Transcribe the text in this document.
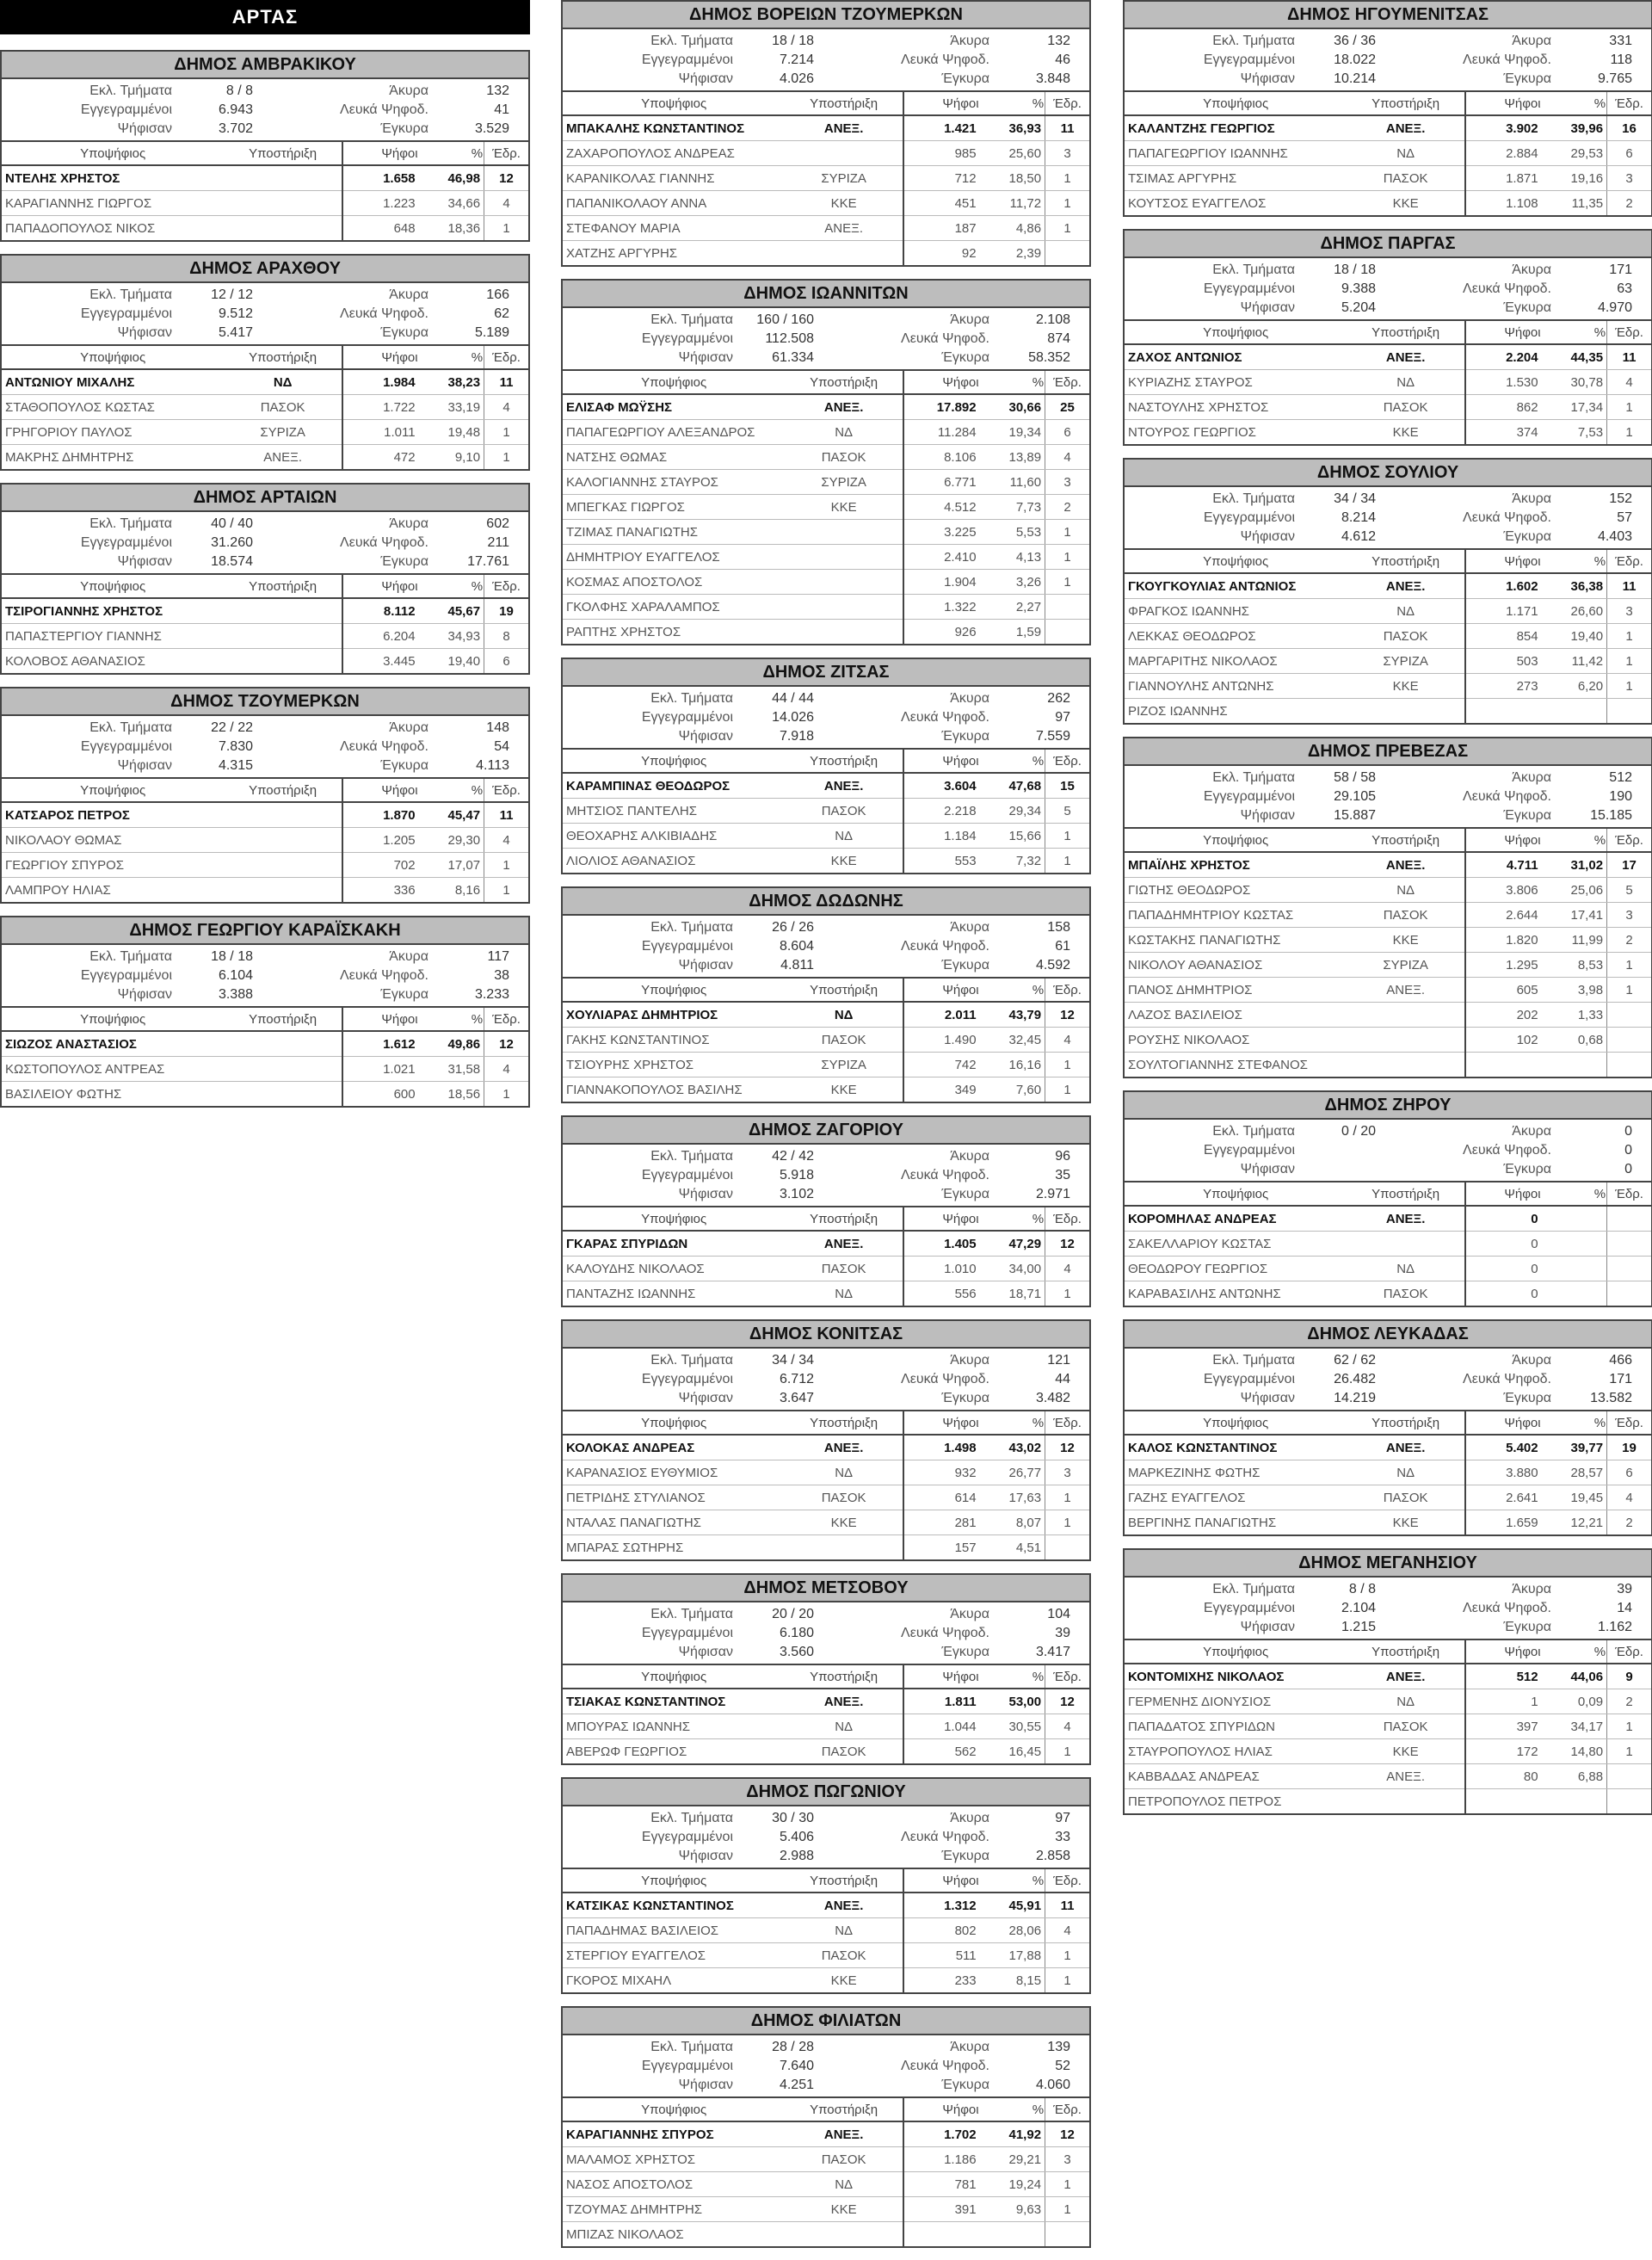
ΑΡΤΑΣ
ΔΗΜΟΣ ΑΜΒΡΑΚΙΚΟΥ
Εκλ. Τμήματα	8 / 8
Εγγεγραμμένοι	6.943
Ψήφισαν	3.702
Άκυρα	132
Λευκά Ψηφοδ.	41
Έγκυρα	3.529
Υποψήφιος	Υποστήριξη	Ψήφοι	%	Έδρ.
ΝΤΕΛΗΣ ΧΡΗΣΤΟΣ		1.658	46,98	12
ΚΑΡΑΓΙΑΝΝΗΣ ΓΙΩΡΓΟΣ		1.223	34,66	4
ΠΑΠΑΔΟΠΟΥΛΟΣ ΝΙΚΟΣ		648	18,36	1
ΔΗΜΟΣ ΑΡΑΧΘΟΥ
Εκλ. Τμήματα	12 / 12
Εγγεγραμμένοι	9.512
Ψήφισαν	5.417
Άκυρα	166
Λευκά Ψηφοδ.	62
Έγκυρα	5.189
Υποψήφιος	Υποστήριξη	Ψήφοι	%	Έδρ.
ΑΝΤΩΝΙΟΥ ΜΙΧΑΛΗΣ	ΝΔ	1.984	38,23	11
ΣΤΑΘΟΠΟΥΛΟΣ ΚΩΣΤΑΣ	ΠΑΣΟΚ	1.722	33,19	4
ΓΡΗΓΟΡΙΟΥ ΠΑΥΛΟΣ	ΣΥΡΙΖΑ	1.011	19,48	1
ΜΑΚΡΗΣ ΔΗΜΗΤΡΗΣ	ΑΝΕΞ.	472	9,10	1
ΔΗΜΟΣ ΑΡΤΑΙΩΝ
Εκλ. Τμήματα	40 / 40
Εγγεγραμμένοι	31.260
Ψήφισαν	18.574
Άκυρα	602
Λευκά Ψηφοδ.	211
Έγκυρα	17.761
Υποψήφιος	Υποστήριξη	Ψήφοι	%	Έδρ.
ΤΣΙΡΟΓΙΑΝΝΗΣ ΧΡΗΣΤΟΣ		8.112	45,67	19
ΠΑΠΑΣΤΕΡΓΙΟΥ ΓΙΑΝΝΗΣ		6.204	34,93	8
ΚΟΛΟΒΟΣ ΑΘΑΝΑΣΙΟΣ		3.445	19,40	6
ΔΗΜΟΣ ΤΖΟΥΜΕΡΚΩΝ
Εκλ. Τμήματα	22 / 22
Εγγεγραμμένοι	7.830
Ψήφισαν	4.315
Άκυρα	148
Λευκά Ψηφοδ.	54
Έγκυρα	4.113
Υποψήφιος	Υποστήριξη	Ψήφοι	%	Έδρ.
ΚΑΤΣΑΡΟΣ ΠΕΤΡΟΣ		1.870	45,47	11
ΝΙΚΟΛΑΟΥ ΘΩΜΑΣ		1.205	29,30	4
ΓΕΩΡΓΙΟΥ ΣΠΥΡΟΣ		702	17,07	1
ΛΑΜΠΡΟΥ ΗΛΙΑΣ		336	8,16	1
ΔΗΜΟΣ ΓΕΩΡΓΙΟΥ ΚΑΡΑΪΣΚΑΚΗ
Εκλ. Τμήματα	18 / 18
Εγγεγραμμένοι	6.104
Ψήφισαν	3.388
Άκυρα	117
Λευκά Ψηφοδ.	38
Έγκυρα	3.233
Υποψήφιος	Υποστήριξη	Ψήφοι	%	Έδρ.
ΣΙΩΖΟΣ ΑΝΑΣΤΑΣΙΟΣ		1.612	49,86	12
ΚΩΣΤΟΠΟΥΛΟΣ ΑΝΤΡΕΑΣ		1.021	31,58	4
ΒΑΣΙΛΕΙΟΥ ΦΩΤΗΣ		600	18,56	1
ΔΗΜΟΣ ΒΟΡΕΙΩΝ ΤΖΟΥΜΕΡΚΩΝ
Εκλ. Τμήματα	18 / 18
Εγγεγραμμένοι	7.214
Ψήφισαν	4.026
Άκυρα	132
Λευκά Ψηφοδ.	46
Έγκυρα	3.848
Υποψήφιος	Υποστήριξη	Ψήφοι	%	Έδρ.
ΜΠΑΚΑΛΗΣ ΚΩΝΣΤΑΝΤΙΝΟΣ	ΑΝΕΞ.	1.421	36,93	11
ΖΑΧΑΡΟΠΟΥΛΟΣ ΑΝΔΡΕΑΣ		985	25,60	3
ΚΑΡΑΝΙΚΟΛΑΣ ΓΙΑΝΝΗΣ	ΣΥΡΙΖΑ	712	18,50	1
ΠΑΠΑΝΙΚΟΛΑΟΥ ΑΝΝΑ	ΚΚΕ	451	11,72	1
ΣΤΕΦΑΝΟΥ ΜΑΡΙΑ	ΑΝΕΞ.	187	4,86	1
ΧΑΤΖΗΣ ΑΡΓΥΡΗΣ		92	2,39	
ΔΗΜΟΣ ΙΩΑΝΝΙΤΩΝ
Εκλ. Τμήματα	160 / 160
Εγγεγραμμένοι	112.508
Ψήφισαν	61.334
Άκυρα	2.108
Λευκά Ψηφοδ.	874
Έγκυρα	58.352
Υποψήφιος	Υποστήριξη	Ψήφοι	%	Έδρ.
ΕΛΙΣΑΦ ΜΩΫΣΗΣ	ΑΝΕΞ.	17.892	30,66	25
ΠΑΠΑΓΕΩΡΓΙΟΥ ΑΛΕΞΑΝΔΡΟΣ	ΝΔ	11.284	19,34	6
ΝΑΤΣΗΣ ΘΩΜΑΣ	ΠΑΣΟΚ	8.106	13,89	4
ΚΑΛΟΓΙΑΝΝΗΣ ΣΤΑΥΡΟΣ	ΣΥΡΙΖΑ	6.771	11,60	3
ΜΠΕΓΚΑΣ ΓΙΩΡΓΟΣ	ΚΚΕ	4.512	7,73	2
ΤΖΙΜΑΣ ΠΑΝΑΓΙΩΤΗΣ		3.225	5,53	1
ΔΗΜΗΤΡΙΟΥ ΕΥΑΓΓΕΛΟΣ		2.410	4,13	1
ΚΟΣΜΑΣ ΑΠΟΣΤΟΛΟΣ		1.904	3,26	1
ΓΚΟΛΦΗΣ ΧΑΡΑΛΑΜΠΟΣ		1.322	2,27	
ΡΑΠΤΗΣ ΧΡΗΣΤΟΣ		926	1,59	
ΔΗΜΟΣ ΖΙΤΣΑΣ
Εκλ. Τμήματα	44 / 44
Εγγεγραμμένοι	14.026
Ψήφισαν	7.918
Άκυρα	262
Λευκά Ψηφοδ.	97
Έγκυρα	7.559
Υποψήφιος	Υποστήριξη	Ψήφοι	%	Έδρ.
ΚΑΡΑΜΠΙΝΑΣ ΘΕΟΔΩΡΟΣ	ΑΝΕΞ.	3.604	47,68	15
ΜΗΤΣΙΟΣ ΠΑΝΤΕΛΗΣ	ΠΑΣΟΚ	2.218	29,34	5
ΘΕΟΧΑΡΗΣ ΑΛΚΙΒΙΑΔΗΣ	ΝΔ	1.184	15,66	1
ΛΙΟΛΙΟΣ ΑΘΑΝΑΣΙΟΣ	ΚΚΕ	553	7,32	1
ΔΗΜΟΣ ΔΩΔΩΝΗΣ
Εκλ. Τμήματα	26 / 26
Εγγεγραμμένοι	8.604
Ψήφισαν	4.811
Άκυρα	158
Λευκά Ψηφοδ.	61
Έγκυρα	4.592
Υποψήφιος	Υποστήριξη	Ψήφοι	%	Έδρ.
ΧΟΥΛΙΑΡΑΣ ΔΗΜΗΤΡΙΟΣ	ΝΔ	2.011	43,79	12
ΓΑΚΗΣ ΚΩΝΣΤΑΝΤΙΝΟΣ	ΠΑΣΟΚ	1.490	32,45	4
ΤΣΙΟΥΡΗΣ ΧΡΗΣΤΟΣ	ΣΥΡΙΖΑ	742	16,16	1
ΓΙΑΝΝΑΚΟΠΟΥΛΟΣ ΒΑΣΙΛΗΣ	ΚΚΕ	349	7,60	1
ΔΗΜΟΣ ΖΑΓΟΡΙΟΥ
Εκλ. Τμήματα	42 / 42
Εγγεγραμμένοι	5.918
Ψήφισαν	3.102
Άκυρα	96
Λευκά Ψηφοδ.	35
Έγκυρα	2.971
Υποψήφιος	Υποστήριξη	Ψήφοι	%	Έδρ.
ΓΚΑΡΑΣ ΣΠΥΡΙΔΩΝ	ΑΝΕΞ.	1.405	47,29	12
ΚΑΛΟΥΔΗΣ ΝΙΚΟΛΑΟΣ	ΠΑΣΟΚ	1.010	34,00	4
ΠΑΝΤΑΖΗΣ ΙΩΑΝΝΗΣ	ΝΔ	556	18,71	1
ΔΗΜΟΣ ΚΟΝΙΤΣΑΣ
Εκλ. Τμήματα	34 / 34
Εγγεγραμμένοι	6.712
Ψήφισαν	3.647
Άκυρα	121
Λευκά Ψηφοδ.	44
Έγκυρα	3.482
Υποψήφιος	Υποστήριξη	Ψήφοι	%	Έδρ.
ΚΟΛΟΚΑΣ ΑΝΔΡΕΑΣ	ΑΝΕΞ.	1.498	43,02	12
ΚΑΡΑΝΑΣΙΟΣ ΕΥΘΥΜΙΟΣ	ΝΔ	932	26,77	3
ΠΕΤΡΙΔΗΣ ΣΤΥΛΙΑΝΟΣ	ΠΑΣΟΚ	614	17,63	1
ΝΤΑΛΑΣ ΠΑΝΑΓΙΩΤΗΣ	ΚΚΕ	281	8,07	1
ΜΠΑΡΑΣ ΣΩΤΗΡΗΣ		157	4,51	
ΔΗΜΟΣ ΜΕΤΣΟΒΟΥ
Εκλ. Τμήματα	20 / 20
Εγγεγραμμένοι	6.180
Ψήφισαν	3.560
Άκυρα	104
Λευκά Ψηφοδ.	39
Έγκυρα	3.417
Υποψήφιος	Υποστήριξη	Ψήφοι	%	Έδρ.
ΤΣΙΑΚΑΣ ΚΩΝΣΤΑΝΤΙΝΟΣ	ΑΝΕΞ.	1.811	53,00	12
ΜΠΟΥΡΑΣ ΙΩΑΝΝΗΣ	ΝΔ	1.044	30,55	4
ΑΒΕΡΩΦ ΓΕΩΡΓΙΟΣ	ΠΑΣΟΚ	562	16,45	1
ΔΗΜΟΣ ΠΩΓΩΝΙΟΥ
Εκλ. Τμήματα	30 / 30
Εγγεγραμμένοι	5.406
Ψήφισαν	2.988
Άκυρα	97
Λευκά Ψηφοδ.	33
Έγκυρα	2.858
Υποψήφιος	Υποστήριξη	Ψήφοι	%	Έδρ.
ΚΑΤΣΙΚΑΣ ΚΩΝΣΤΑΝΤΙΝΟΣ	ΑΝΕΞ.	1.312	45,91	11
ΠΑΠΑΔΗΜΑΣ ΒΑΣΙΛΕΙΟΣ	ΝΔ	802	28,06	4
ΣΤΕΡΓΙΟΥ ΕΥΑΓΓΕΛΟΣ	ΠΑΣΟΚ	511	17,88	1
ΓΚΟΡΟΣ ΜΙΧΑΗΛ	ΚΚΕ	233	8,15	1
ΔΗΜΟΣ ΦΙΛΙΑΤΩΝ
Εκλ. Τμήματα	28 / 28
Εγγεγραμμένοι	7.640
Ψήφισαν	4.251
Άκυρα	139
Λευκά Ψηφοδ.	52
Έγκυρα	4.060
Υποψήφιος	Υποστήριξη	Ψήφοι	%	Έδρ.
ΚΑΡΑΓΙΑΝΝΗΣ ΣΠΥΡΟΣ	ΑΝΕΞ.	1.702	41,92	12
ΜΑΛΑΜΟΣ ΧΡΗΣΤΟΣ	ΠΑΣΟΚ	1.186	29,21	3
ΝΑΣΟΣ ΑΠΟΣΤΟΛΟΣ	ΝΔ	781	19,24	1
ΤΖΟΥΜΑΣ ΔΗΜΗΤΡΗΣ	ΚΚΕ	391	9,63	1
ΜΠΙΖΑΣ ΝΙΚΟΛΑΟΣ				
ΔΗΜΟΣ ΗΓΟΥΜΕΝΙΤΣΑΣ
Εκλ. Τμήματα	36 / 36
Εγγεγραμμένοι	18.022
Ψήφισαν	10.214
Άκυρα	331
Λευκά Ψηφοδ.	118
Έγκυρα	9.765
Υποψήφιος	Υποστήριξη	Ψήφοι	%	Έδρ.
ΚΑΛΑΝΤΖΗΣ ΓΕΩΡΓΙΟΣ	ΑΝΕΞ.	3.902	39,96	16
ΠΑΠΑΓΕΩΡΓΙΟΥ ΙΩΑΝΝΗΣ	ΝΔ	2.884	29,53	6
ΤΣΙΜΑΣ ΑΡΓΥΡΗΣ	ΠΑΣΟΚ	1.871	19,16	3
ΚΟΥΤΣΟΣ ΕΥΑΓΓΕΛΟΣ	ΚΚΕ	1.108	11,35	2
ΔΗΜΟΣ ΠΑΡΓΑΣ
Εκλ. Τμήματα	18 / 18
Εγγεγραμμένοι	9.388
Ψήφισαν	5.204
Άκυρα	171
Λευκά Ψηφοδ.	63
Έγκυρα	4.970
Υποψήφιος	Υποστήριξη	Ψήφοι	%	Έδρ.
ΖΑΧΟΣ ΑΝΤΩΝΙΟΣ	ΑΝΕΞ.	2.204	44,35	11
ΚΥΡΙΑΖΗΣ ΣΤΑΥΡΟΣ	ΝΔ	1.530	30,78	4
ΝΑΣΤΟΥΛΗΣ ΧΡΗΣΤΟΣ	ΠΑΣΟΚ	862	17,34	1
ΝΤΟΥΡΟΣ ΓΕΩΡΓΙΟΣ	ΚΚΕ	374	7,53	1
ΔΗΜΟΣ ΣΟΥΛΙΟΥ
Εκλ. Τμήματα	34 / 34
Εγγεγραμμένοι	8.214
Ψήφισαν	4.612
Άκυρα	152
Λευκά Ψηφοδ.	57
Έγκυρα	4.403
Υποψήφιος	Υποστήριξη	Ψήφοι	%	Έδρ.
ΓΚΟΥΓΚΟΥΛΙΑΣ ΑΝΤΩΝΙΟΣ	ΑΝΕΞ.	1.602	36,38	11
ΦΡΑΓΚΟΣ ΙΩΑΝΝΗΣ	ΝΔ	1.171	26,60	3
ΛΕΚΚΑΣ ΘΕΟΔΩΡΟΣ	ΠΑΣΟΚ	854	19,40	1
ΜΑΡΓΑΡΙΤΗΣ ΝΙΚΟΛΑΟΣ	ΣΥΡΙΖΑ	503	11,42	1
ΓΙΑΝΝΟΥΛΗΣ ΑΝΤΩΝΗΣ	ΚΚΕ	273	6,20	1
ΡΙΖΟΣ ΙΩΑΝΝΗΣ				
ΔΗΜΟΣ ΠΡΕΒΕΖΑΣ
Εκλ. Τμήματα	58 / 58
Εγγεγραμμένοι	29.105
Ψήφισαν	15.887
Άκυρα	512
Λευκά Ψηφοδ.	190
Έγκυρα	15.185
Υποψήφιος	Υποστήριξη	Ψήφοι	%	Έδρ.
ΜΠΑΪΛΗΣ ΧΡΗΣΤΟΣ	ΑΝΕΞ.	4.711	31,02	17
ΓΙΩΤΗΣ ΘΕΟΔΩΡΟΣ	ΝΔ	3.806	25,06	5
ΠΑΠΑΔΗΜΗΤΡΙΟΥ ΚΩΣΤΑΣ	ΠΑΣΟΚ	2.644	17,41	3
ΚΩΣΤΑΚΗΣ ΠΑΝΑΓΙΩΤΗΣ	ΚΚΕ	1.820	11,99	2
ΝΙΚΟΛΟΥ ΑΘΑΝΑΣΙΟΣ	ΣΥΡΙΖΑ	1.295	8,53	1
ΠΑΝΟΣ ΔΗΜΗΤΡΙΟΣ	ΑΝΕΞ.	605	3,98	1
ΛΑΖΟΣ ΒΑΣΙΛΕΙΟΣ		202	1,33	
ΡΟΥΣΗΣ ΝΙΚΟΛΑΟΣ		102	0,68	
ΣΟΥΛΤΟΓΙΑΝΝΗΣ ΣΤΕΦΑΝΟΣ				
ΔΗΜΟΣ ΖΗΡΟΥ
Εκλ. Τμήματα	0 / 20
Εγγεγραμμένοι
Ψήφισαν
Άκυρα	0
Λευκά Ψηφοδ.	0
Έγκυρα	0
Υποψήφιος	Υποστήριξη	Ψήφοι	%	Έδρ.
ΚΟΡΟΜΗΛΑΣ ΑΝΔΡΕΑΣ	ΑΝΕΞ.	0		
ΣΑΚΕΛΛΑΡΙΟΥ ΚΩΣΤΑΣ		0		
ΘΕΟΔΩΡΟΥ ΓΕΩΡΓΙΟΣ	ΝΔ	0		
ΚΑΡΑΒΑΣΙΛΗΣ ΑΝΤΩΝΗΣ	ΠΑΣΟΚ	0		
ΔΗΜΟΣ ΛΕΥΚΑΔΑΣ
Εκλ. Τμήματα	62 / 62
Εγγεγραμμένοι	26.482
Ψήφισαν	14.219
Άκυρα	466
Λευκά Ψηφοδ.	171
Έγκυρα	13.582
Υποψήφιος	Υποστήριξη	Ψήφοι	%	Έδρ.
ΚΑΛΟΣ ΚΩΝΣΤΑΝΤΙΝΟΣ	ΑΝΕΞ.	5.402	39,77	19
ΜΑΡΚΕΖΙΝΗΣ ΦΩΤΗΣ	ΝΔ	3.880	28,57	6
ΓΑΖΗΣ ΕΥΑΓΓΕΛΟΣ	ΠΑΣΟΚ	2.641	19,45	4
ΒΕΡΓΙΝΗΣ ΠΑΝΑΓΙΩΤΗΣ	ΚΚΕ	1.659	12,21	2
ΔΗΜΟΣ ΜΕΓΑΝΗΣΙΟΥ
Εκλ. Τμήματα	8 / 8
Εγγεγραμμένοι	2.104
Ψήφισαν	1.215
Άκυρα	39
Λευκά Ψηφοδ.	14
Έγκυρα	1.162
Υποψήφιος	Υποστήριξη	Ψήφοι	%	Έδρ.
ΚΟΝΤΟΜΙΧΗΣ ΝΙΚΟΛΑΟΣ	ΑΝΕΞ.	512	44,06	9
ΓΕΡΜΕΝΗΣ ΔΙΟΝΥΣΙΟΣ	ΝΔ	1	0,09	2
ΠΑΠΑΔΑΤΟΣ ΣΠΥΡΙΔΩΝ	ΠΑΣΟΚ	397	34,17	1
ΣΤΑΥΡΟΠΟΥΛΟΣ ΗΛΙΑΣ	ΚΚΕ	172	14,80	1
ΚΑΒΒΑΔΑΣ ΑΝΔΡΕΑΣ	ΑΝΕΞ.	80	6,88	
ΠΕΤΡΟΠΟΥΛΟΣ ΠΕΤΡΟΣ				
